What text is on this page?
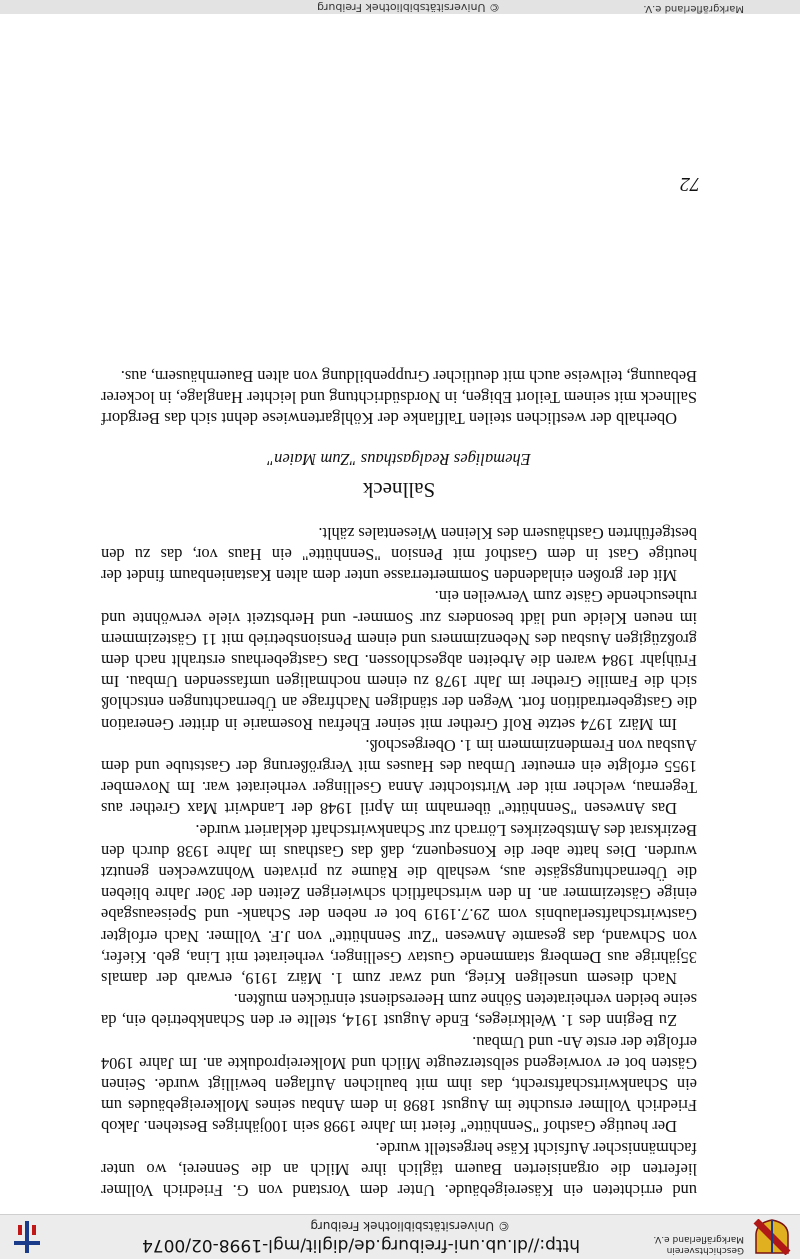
Markgräflerland e.V.
© Universitätsbibliothek Freiburg
Geschichtsverein Markgräflerland e.V.
http://dl.ub.uni-freiburg.de/diglit/mgl-1998-02/0074
© Universitätsbibliothek Freiburg

und errichteten ein Käsereigebäude. Unter dem Vorstand von G. Friedrich Vollmer lieferten die organisierten Bauern täglich ihre Milch an die Sennerei, wo unter fachmännischer Aufsicht Käse hergestellt wurde.

Der heutige Gasthof "Sennhütte" feiert im Jahre 1998 sein 100jähriges Bestehen. Jakob Friedrich Vollmer ersuchte im August 1898 in dem Anbau seines Molkereigebäudes um ein Schankwirtschaftsrecht, das ihm mit baulichen Auflagen bewilligt wurde. Seinen Gästen bot er vorwiegend selbsterzeugte Milch und Molkereiprodukte an. Im Jahre 1904 erfolgte der erste An- und Umbau.

Zu Beginn des 1. Weltkrieges, Ende August 1914, stellte er den Schankbetrieb ein, da seine beiden verheirateten Söhne zum Heeresdienst einrücken mußten.

Nach diesem unseligen Krieg, und zwar zum 1. März 1919, erwarb der damals 35jährige aus Demberg stammende Gustav Gsellinger, verheiratet mit Lina, geb. Kiefer, von Schwand, das gesamte Anwesen "Zur Sennhütte" von J.F. Vollmer. Nach erfolgter Gastwirtschaftserlaubnis vom 29.7.1919 bot er neben der Schank- und Speiseausgabe einige Gästezimmer an. In den wirtschaftlich schwierigen Zeiten der 30er Jahre blieben die Übernachtungsgäste aus, weshalb die Räume zu privaten Wohnzwecken genutzt wurden. Dies hatte aber die Konsequenz, daß das Gasthaus im Jahre 1938 durch den Bezirksrat des Amtsbezirkes Lörrach zur Schankwirtschaft deklariert wurde.

Das Anwesen "Sennhütte" übernahm im April 1948 der Landwirt Max Grether aus Tegernau, welcher mit der Wirtstochter Anna Gsellinger verheiratet war. Im November 1955 erfolgte ein erneuter Umbau des Hauses mit Vergrößerung der Gaststube und dem Ausbau von Fremdenzimmern im 1. Obergeschoß.

Im März 1974 setzte Rolf Grether mit seiner Ehefrau Rosemarie in dritter Generation die Gastgebertradition fort. Wegen der ständigen Nachfrage an Übernachtungen entschloß sich die Familie Grether im Jahr 1978 zu einem nochmaligen umfassenden Umbau. Im Frühjahr 1984 waren die Arbeiten abgeschlossen. Das Gastgeberhaus erstrahlt nach dem großzügigen Ausbau des Nebenzimmers und einem Pensionsbetrieb mit 11 Gästezimmern im neuen Kleide und lädt besonders zur Sommer- und Herbstzeit viele verwöhnte und ruhesuchende Gäste zum Verweilen ein.

Mit der großen einladenden Sommerterrasse unter dem alten Kastanienbaum findet der heutige Gast in dem Gasthof mit Pension "Sennhütte" ein Haus vor, das zu den bestgeführten Gasthäusern des Kleinen Wiesentales zählt.

Sallneck
Ehemaliges Realgasthaus "Zum Maien"

Oberhalb der westlichen steilen Talflanke der Köhlgartenwiese dehnt sich das Bergdorf Sallneck mit seinem Teilort Ebigen, in Nordsüdrichtung und leichter Hanglage, in lockerer Bebauung, teilweise auch mit deutlicher Gruppenbildung von alten Bauernhäusern, aus.

72
